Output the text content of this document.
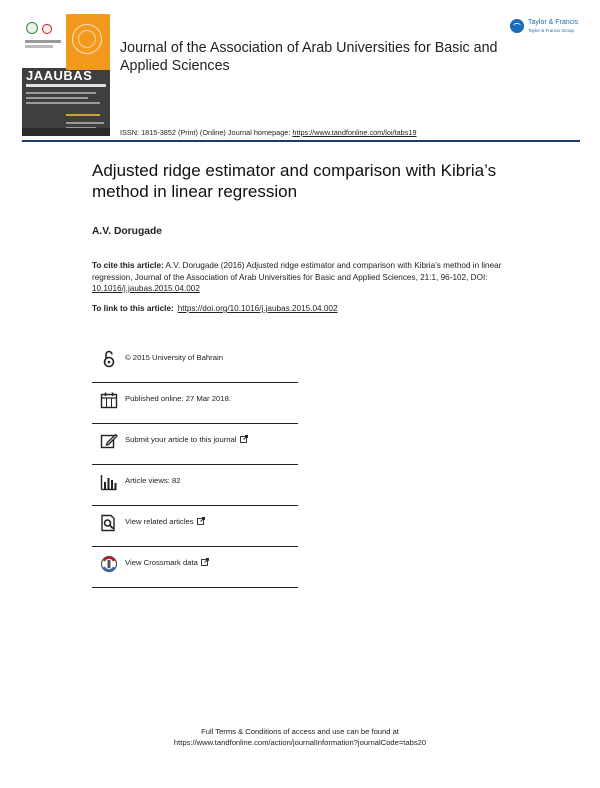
JAAUBAS
Taylor & Francis
Taylor & Francis Group
Journal of the Association of Arab Universities for Basic and Applied Sciences
ISSN: 1815-3852 (Print) (Online) Journal homepage: https://www.tandfonline.com/loi/tabs19
Adjusted ridge estimator and comparison with Kibria’s method in linear regression
A.V. Dorugade
To cite this article: A.V. Dorugade (2016) Adjusted ridge estimator and comparison with Kibria’s method in linear regression, Journal of the Association of Arab Universities for Basic and Applied Sciences, 21:1, 96-102, DOI: 10.1016/j.jaubas.2015.04.002
To link to this article: https://doi.org/10.1016/j.jaubas.2015.04.002
© 2015 University of Bahrain
Published online: 27 Mar 2018.
Submit your article to this journal
Article views: 82
View related articles
View Crossmark data
Full Terms & Conditions of access and use can be found at
https://www.tandfonline.com/action/journalInformation?journalCode=tabs20
